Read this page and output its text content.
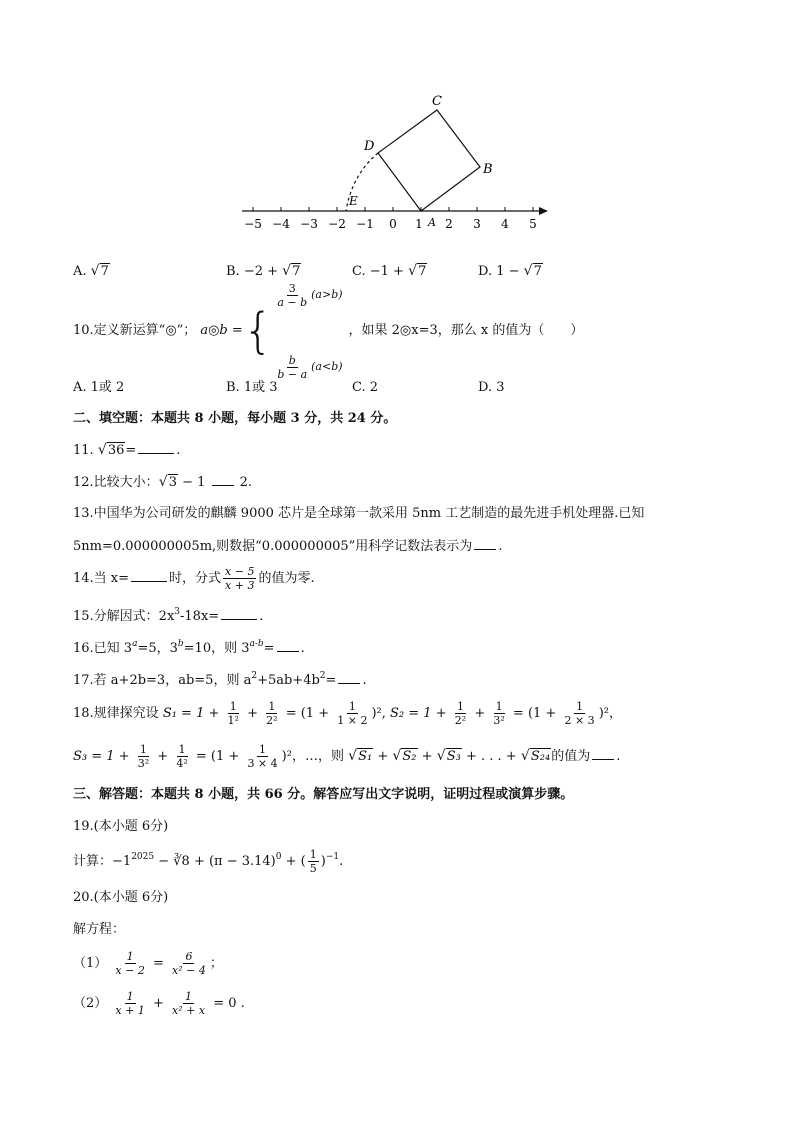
C
D
B
E
A
−5 −4 −3 −2 −1 0 1 2 3 4 5
A. √ 7	B. −2 + √ 7	C. −1 + √ 7	D. 1 − √ 7
10.定义新运算“◎”； a◎b = {
$\frac{3}{a - b} (a>b)$
$\frac{b}{b - a} (a<b)$
，如果 2◎x=3，那么 x 的值为（　　）
A. 1或 2	B. 1或 3	C. 2	D. 3
二、填空题：本题共 8 小题，每小题 3 分，共 24 分。
11. √ 36=	.
12.比较大小： √ 3 − 1  2.
13.中国华为公司研发的麒麟 9000 芯片是全球第一款采用 5nm 工艺制造的最先进手机处理器.已知
5nm=0.000000005m,则数据“0.000000005”用科学记数法表示为 .
14.当 x=	时，分式 $\frac{x - 5}{x + 3}$ 的值为零.
15.分解因式：$2x^3-18x=$	.
16.已知 $3^a=5$，$3^b=10$，则 $3^{a-b}=$ .
17.若 a+2b=3，ab=5，则 $a^2+5ab+4b^2=$ .
18.规律探究设 $S_1 = 1 + \frac{1}{\text{1²}} + \frac{1}{\text{2²}} = (1 + \frac{1}{1 \times 2} )^2$, $S_2 = 1 + \frac{1}{\text{2²}} + \frac{1}{\text{3²}} = (1 + \frac{1}{2 \times 3} )^2$，
$S_3 = 1 + \frac{1}{\text{3²}} + \frac{1}{\text{4²}} = (1 + \frac{1}{3 \times 4} )^2$，…，则 √ S₁ + √ S₂ + √ S₃ + . . . + √ S₂₄的值为 .
三、解答题：本题共 8 小题，共 66 分。解答应写出文字说明，证明过程或演算步骤。
19.(本小题 6分)
计算：$-1^{2025}$ − ∛8 + $(\pi - 3.14)^0$ + ( $\frac{1}{5} )^{-1}$.
20.(本小题 6分)
解方程：
$(1) \frac{1}{x - 2} = \frac{6}{\text{x² − 4}}$ ；
$(2) \frac{1}{x + 1} + \frac{1}{\text{x² + x}} = 0$ .
